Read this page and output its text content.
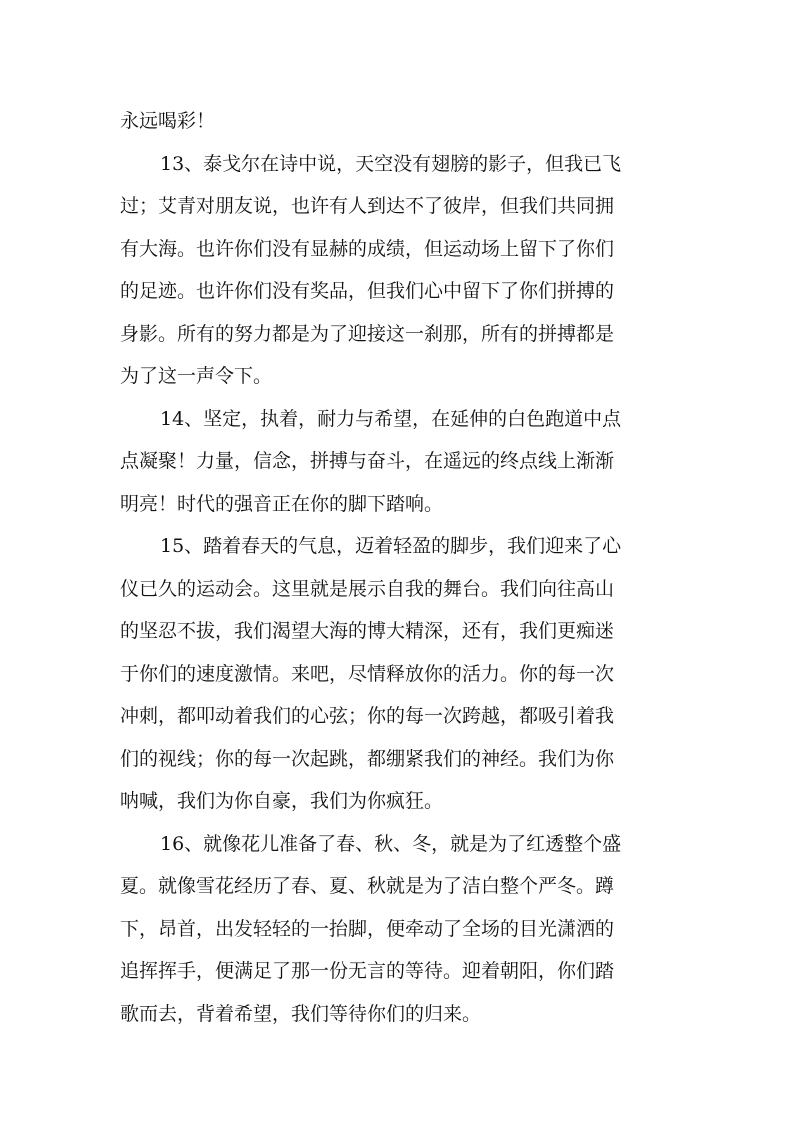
永远喝彩！
13、泰戈尔在诗中说，天空没有翅膀的影子，但我已飞
过；艾青对朋友说，也许有人到达不了彼岸，但我们共同拥
有大海。也许你们没有显赫的成绩，但运动场上留下了你们
的足迹。也许你们没有奖品，但我们心中留下了你们拼搏的
身影。所有的努力都是为了迎接这一刹那，所有的拼搏都是
为了这一声令下。
14、坚定，执着，耐力与希望，在延伸的白色跑道中点
点凝聚！力量，信念，拼搏与奋斗，在遥远的终点线上渐渐
明亮！时代的强音正在你的脚下踏响。
15、踏着春天的气息，迈着轻盈的脚步，我们迎来了心
仪已久的运动会。这里就是展示自我的舞台。我们向往高山
的坚忍不拔，我们渴望大海的博大精深，还有，我们更痴迷
于你们的速度激情。来吧，尽情释放你的活力。你的每一次
冲刺，都叩动着我们的心弦；你的每一次跨越，都吸引着我
们的视线；你的每一次起跳，都绷紧我们的神经。我们为你
呐喊，我们为你自豪，我们为你疯狂。
16、就像花儿准备了春、秋、冬，就是为了红透整个盛
夏。就像雪花经历了春、夏、秋就是为了洁白整个严冬。蹲
下，昂首，出发轻轻的一抬脚，便牵动了全场的目光潇洒的
追挥挥手，便满足了那一份无言的等待。迎着朝阳，你们踏
歌而去，背着希望，我们等待你们的归来。
